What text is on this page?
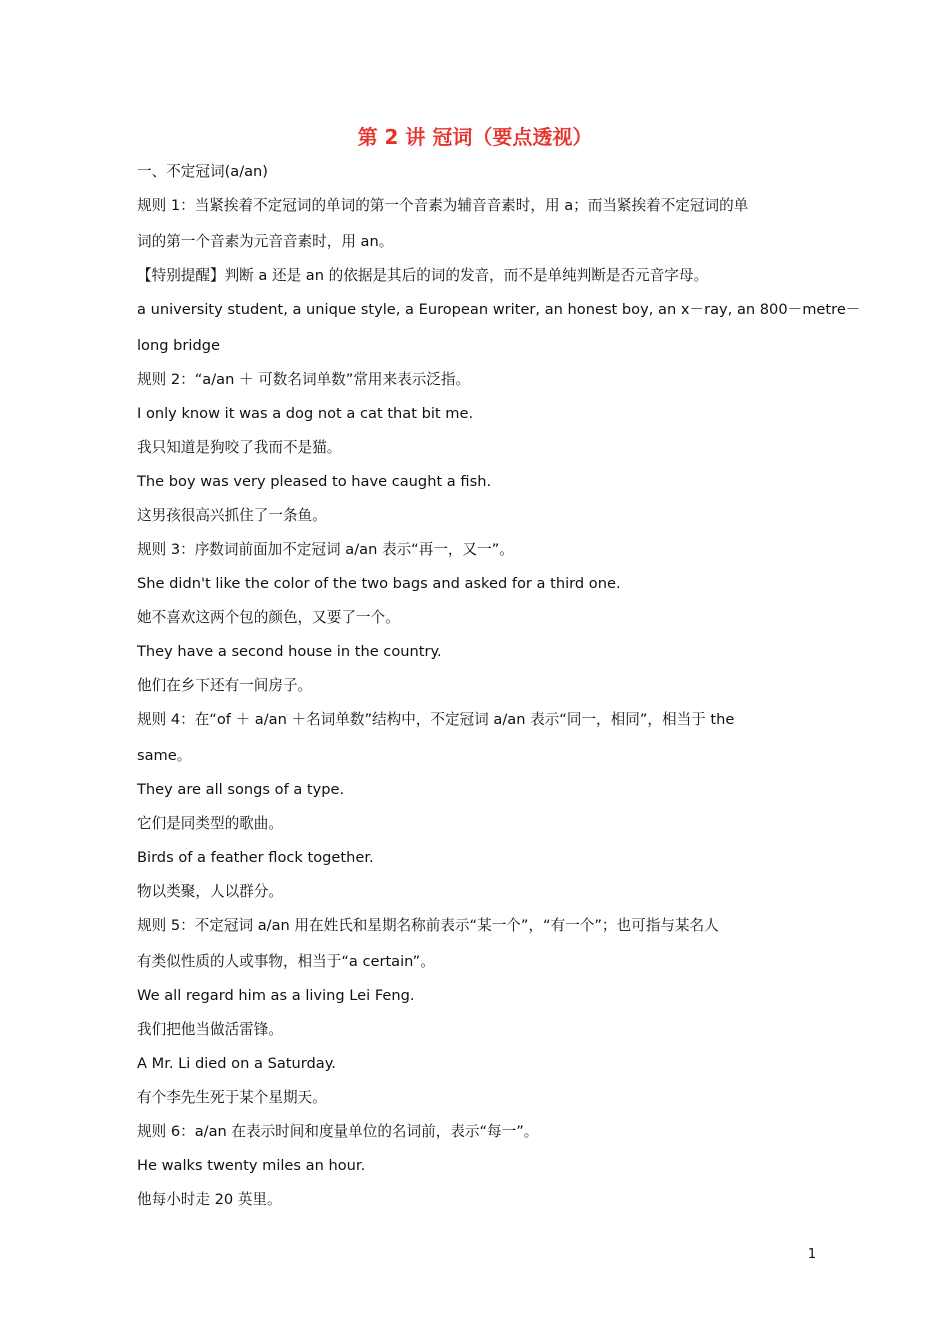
第 2 讲 冠词（要点透视）

一、不定冠词(a/an)

规则 1：当紧挨着不定冠词的单词的第一个音素为辅音音素时，用 a；而当紧挨着不定冠词的单

词的第一个音素为元音音素时，用 an。

【特别提醒】判断 a 还是 an 的依据是其后的词的发音，而不是单纯判断是否元音字母。

a university student, a unique style, a European writer, an honest boy, an x－ray, an 800－metre－

long bridge

规则 2：“a/an ＋ 可数名词单数”常用来表示泛指。

I only know it was a dog not a cat that bit me.

我只知道是狗咬了我而不是猫。

The boy was very pleased to have caught a fish.

这男孩很高兴抓住了一条鱼。

规则 3：序数词前面加不定冠词 a/an 表示“再一，又一”。

She didn't like the color of the two bags and asked for a third one.

她不喜欢这两个包的颜色，又要了一个。

They have a second house in the country.

他们在乡下还有一间房子。

规则 4：在“of ＋ a/an ＋名词单数”结构中，不定冠词 a/an 表示“同一，相同”，相当于 the

same。

They are all songs of a type.

它们是同类型的歌曲。

Birds of a feather flock together.

物以类聚，人以群分。

规则 5：不定冠词 a/an 用在姓氏和星期名称前表示“某一个”，“有一个”；也可指与某名人

有类似性质的人或事物，相当于“a certain”。

We all regard him as a living Lei Feng.

我们把他当做活雷锋。

A Mr. Li died on a Saturday.

有个李先生死于某个星期天。

规则 6：a/an 在表示时间和度量单位的名词前，表示“每一”。

He walks twenty miles an hour.

他每小时走 20 英里。

1
